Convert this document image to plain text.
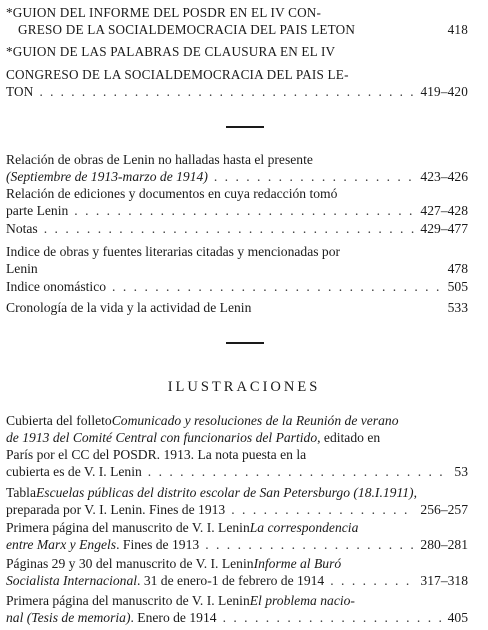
*GUION DEL INFORME DEL POSDR EN EL IV CON-
GRESO DE LA SOCIALDEMOCRACIA DEL PAIS LETON	418
*GUION DE LAS PALABRAS DE CLAUSURA EN EL IV
CONGRESO DE LA SOCIALDEMOCRACIA DEL PAIS LE-
TON . . .	419–420
Relación de obras de Lenin no halladas hasta el presente
(Septiembre de 1913-marzo de 1914) . . .	423–426
Relación de ediciones y documentos en cuya redacción tomó
parte Lenin . . .	427–428
Notas . . .	429–477
Indice de obras y fuentes literarias citadas y mencionadas por
Lenin	478
Indice onomástico . . .	505
Cronología de la vida y la actividad de Lenin	533
ILUSTRACIONES
Cubierta del folleto Comunicado y resoluciones de la Reunión de verano
de 1913 del Comité Central con funcionarios del Partido , editado en
París por el CC del POSDR. 1913. La nota puesta en la
cubierta es de V. I. Lenin . . .	53
Tabla Escuelas públicas del distrito escolar de San Petersburgo (18.I.1911) ,
preparada por V. I. Lenin. Fines de 1913 . . .	256–257
Primera página del manuscrito de V. I. Lenin La correspondencia
entre Marx y Engels . Fines de 1913 . . .	280–281
Páginas 29 y 30 del manuscrito de V. I. Lenin Informe al Buró
Socialista Internacional . 31 de enero-1 de febrero de 1914 . . .	317–318
Primera página del manuscrito de V. I. Lenin El problema nacio-
nal (Tesis de memoria) . Enero de 1914 . . .	405
